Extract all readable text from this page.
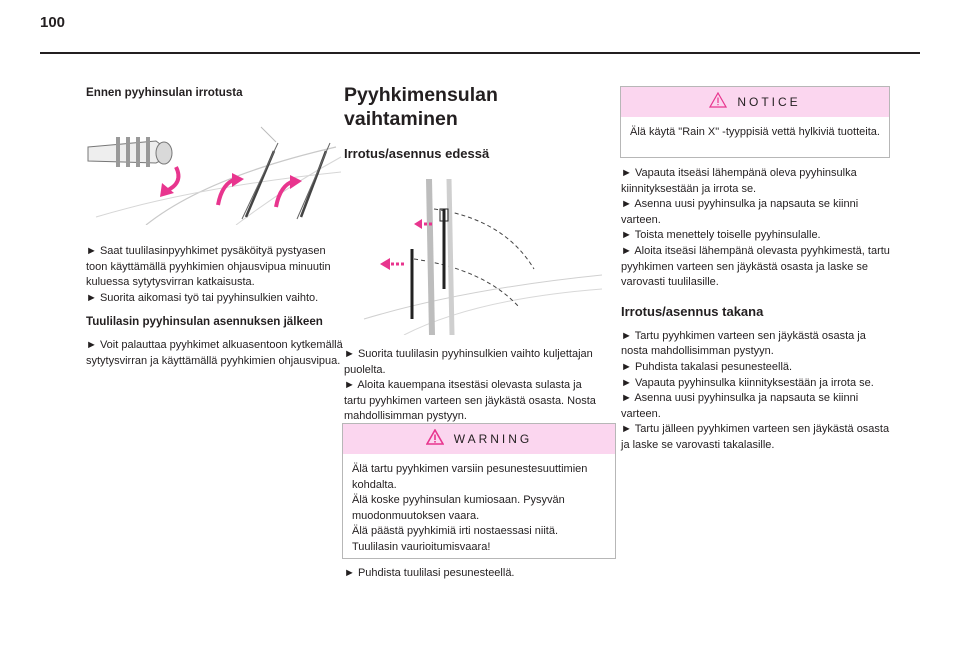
100

Ennen pyyhinsulan irrotusta

► Saat tuulilasinpyyhkimet pysäköityä pystyasen toon käyttämällä pyyhkimien ohjausvipua minuutin kuluessa sytytysvirran katkaisusta.
► Suorita aikomasi työ tai pyyhinsulkien vaihto.

Tuulilasin pyyhinsulan asennuksen jälkeen

► Voit palauttaa pyyhkimet alkuasentoon kytkemällä sytytysvirran ja käyttämällä pyyhkimien ohjausvipua.

Pyyhkimensulan vaihtaminen

Irrotus/asennus edessä

► Suorita tuulilasin pyyhinsulkien vaihto kuljettajan puolelta.
► Aloita kauempana itsestäsi olevasta sulasta ja tartu pyyhkimen varteen sen jäykästä osasta. Nosta mahdollisimman pystyyn.

WARNING

Älä tartu pyyhkimen varsiin pesunestesuuttimien kohdalta.
Älä koske pyyhinsulan kumiosaan. Pysyvän muodonmuutoksen vaara.
Älä päästä pyyhkimiä irti nostaessasi niitä. Tuulilasin vaurioitumisvaara!

► Puhdista tuulilasi pesunesteellä.

NOTICE

Älä käytä "Rain X" -tyyppisiä vettä hylkiviä tuotteita.

► Vapauta itseäsi lähempänä oleva pyyhinsulka kiinnityksestään ja irrota se.
► Asenna uusi pyyhinsulka ja napsauta se kiinni varteen.
► Toista menettely toiselle pyyhinsulalle.
► Aloita itseäsi lähempänä olevasta pyyhkimestä, tartu pyyhkimen varteen sen jäykästä osasta ja laske se varovasti tuulilasille.

Irrotus/asennus takana

► Tartu pyyhkimen varteen sen jäykästä osasta ja nosta mahdollisimman pystyyn.
► Puhdista takalasi pesunesteellä.
► Vapauta pyyhinsulka kiinnityksestään ja irrota se.
► Asenna uusi pyyhinsulka ja napsauta se kiinni varteen.
► Tartu jälleen pyyhkimen varteen sen jäykästä osasta ja laske se varovasti takalasille.
